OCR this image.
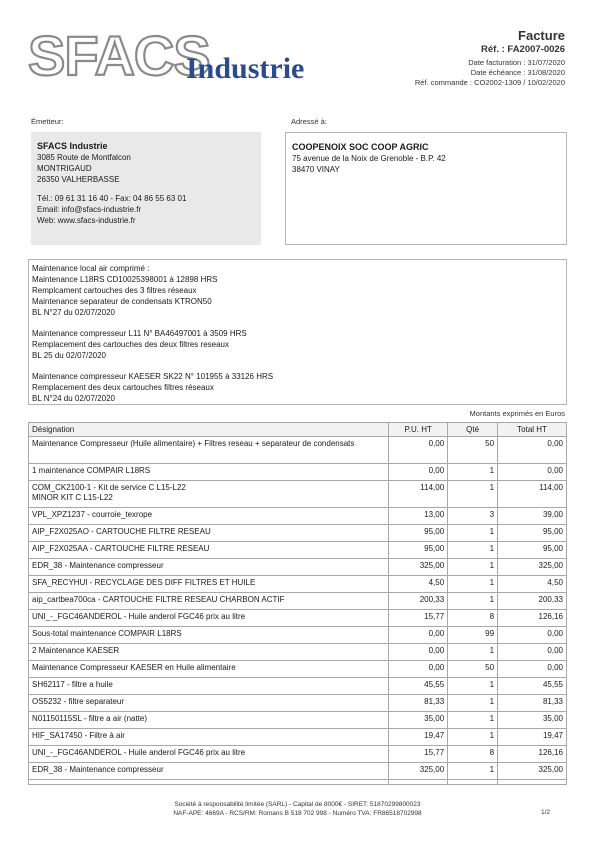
SFACS
Industrie
Facture
Réf. : FA2007-0026
Date facturation : 31/07/2020
Date échéance : 31/08/2020
Réf. commande : CO2002-1309 / 10/02/2020
Émetteur:	Adressé à:
SFACS Industrie
3085 Route de Montfalcon
MONTRIGAUD
26350 VALHERBASSE
Tél.: 09 61 31 16 40 - Fax: 04 86 55 63 01
Email: info@sfacs-industrie.fr
Web: www.sfacs-industrie.fr
COOPENOIX SOC COOP AGRIC
75 avenue de la Noix de Grenoble - B.P. 42
38470 VINAY
Maintenance local air comprimé :
Maintenance L18RS CD10025398001 à 12898 HRS
Remplcament cartouches des 3 filtres réseaux
Maintenance separateur de condensats KTRON50
BL N°27 du 02/07/2020
Maintenance compresseur L11 N° BA46497001 à 3509 HRS
Remplacement des cartouches des deux filtres reseaux
BL 25 du 02/07/2020
Maintenance compresseur KAESER SK22 N° 101955 à 33126 HRS
Remplacement des deux cartouches filtres réseaux
BL N°24 du 02/07/2020
Montants exprimés en Euros
Désignation	P.U. HT	Qté	Total HT
Maintenance Compresseur (Huile alimentaire) + Filtres reseau + separateur de condensats	0,00	50	0,00
1 maintenance COMPAIR L18RS	0,00	1	0,00

COM_CK2100-1 - Kit de service C L15-L22
MINOR KIT C L15-L22	114,00	1	114,00
VPL_XPZ1237 - courroie_texrope	13,00	3	39,00
AIP_F2X025AO - CARTOUCHE FILTRE RESEAU	95,00	1	95,00
AIP_F2X025AA - CARTOUCHE FILTRE RESEAU	95,00	1	95,00
EDR_38 - Maintenance compresseur	325,00	1	325,00
SFA_RECYHUI - RECYCLAGE DES DIFF FILTRES ET HUILE	4,50	1	4,50
aip_cartbea700ca - CARTOUCHE FILTRE RESEAU CHARBON ACTIF	200,33	1	200,33
UNI_-_FGC46ANDEROL - Huile anderol FGC46 prix au litre	15,77	8	126,16
Sous-total maintenance COMPAIR L18RS	0,00	99	0,00
2 Maintenance KAESER	0,00	1	0,00
Maintenance Compresseur KAESER en Huile alimentaire	0,00	50	0,00
SH62117 - filtre a huile	45,55	1	45,55
OS5232 - filtre separateur	81,33	1	81,33
N01150115SL - filtre a air (natte)	35,00	1	35,00
HIF_SA17450 - Filtre à air	19,47	1	19,47
UNI_-_FGC46ANDEROL - Huile anderol FGC46 prix au litre	15,77	8	126,16
EDR_38 - Maintenance compresseur	325,00	1	325,00

Société à responsabilité limitée (SARL) - Capital de 8000€ - SIRET: 51870299800023
NAF-APE: 4669A - RCS/RM: Romans B 518 702 998 - Numéro TVA: FR86518702998	1/2
